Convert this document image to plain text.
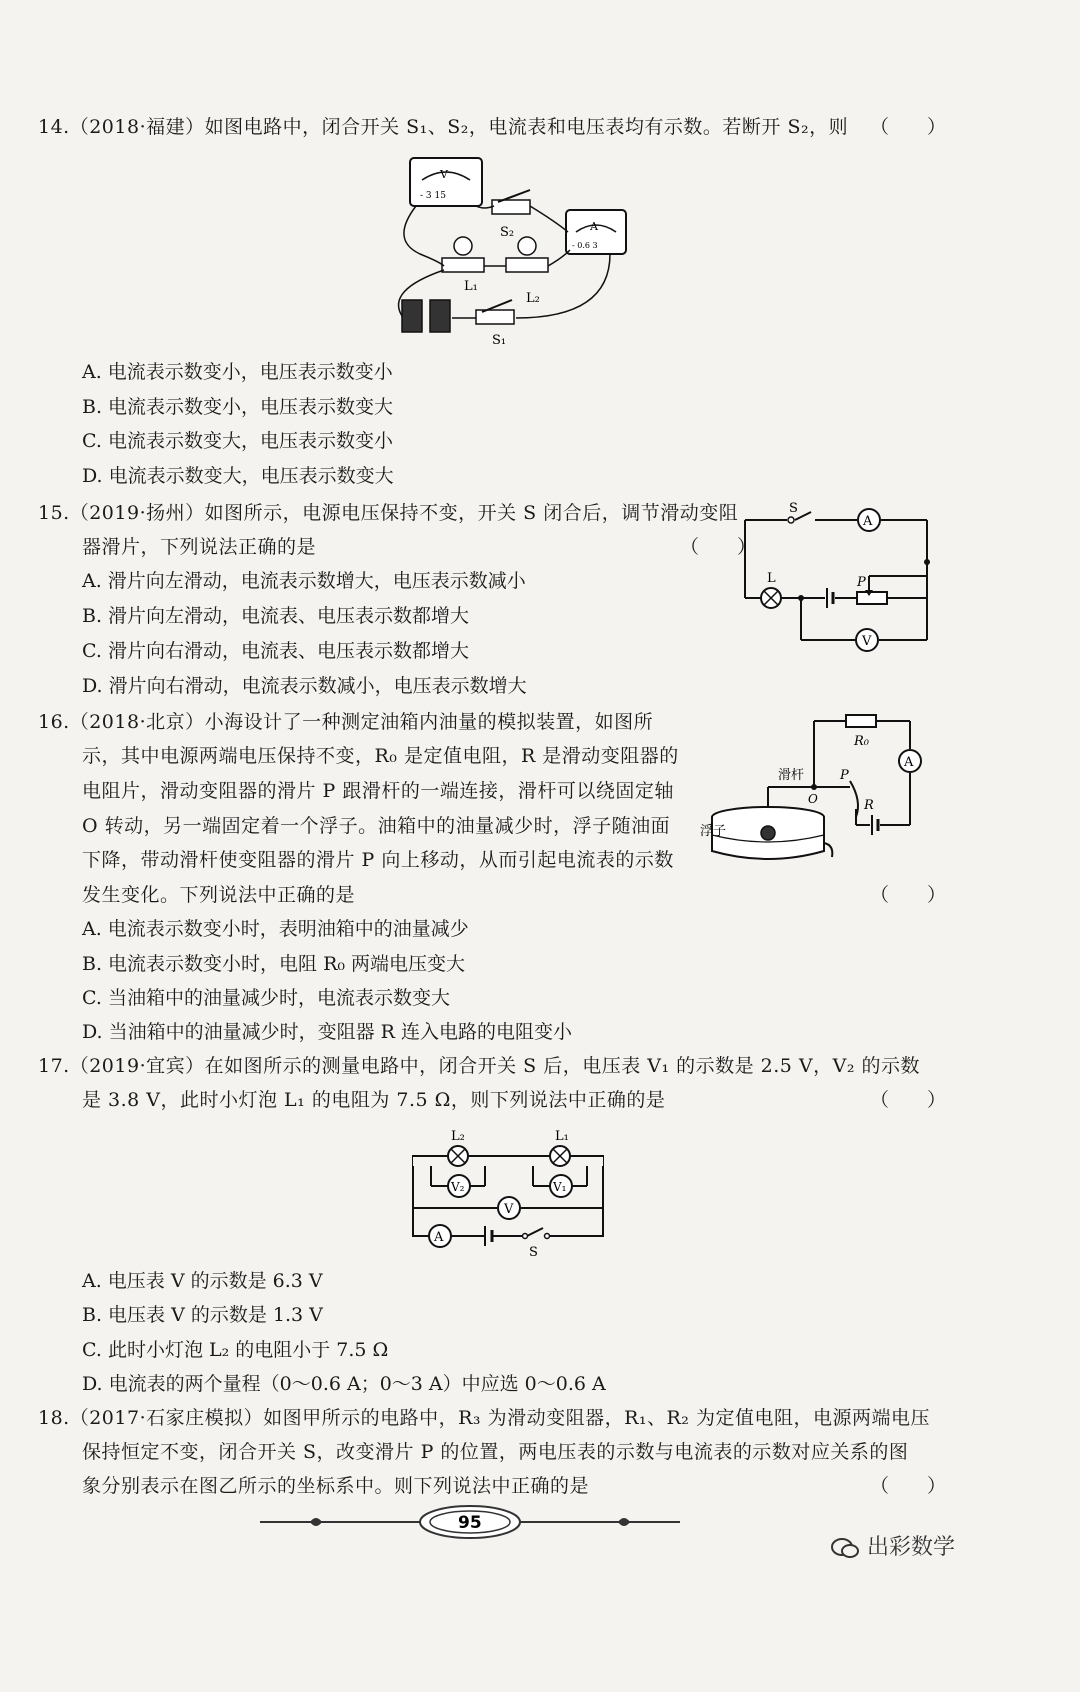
14.（2018·福建）如图电路中，闭合开关 S₁、S₂，电流表和电压表均有示数。若断开 S₂，则 （　　）
V
- 3 15
A
- 0.6 3
S₂
L₁
L₂
S₁
A. 电流表示数变小，电压表示数变小
B. 电流表示数变小，电压表示数变大
C. 电流表示数变大，电压表示数变小
D. 电流表示数变大，电压表示数变大
15.（2019·扬州）如图所示，电源电压保持不变，开关 S 闭合后，调节滑动变阻
器滑片，下列说法正确的是	（　　）
A
L	P
V
S
A. 滑片向左滑动，电流表示数增大，电压表示数减小
B. 滑片向左滑动，电流表、电压表示数都增大
C. 滑片向右滑动，电流表、电压表示数都增大
D. 滑片向右滑动，电流表示数减小，电压表示数增大
16.（2018·北京）小海设计了一种测定油箱内油量的模拟装置，如图所
示，其中电源两端电压保持不变，R₀ 是定值电阻，R 是滑动变阻器的
电阻片，滑动变阻器的滑片 P 跟滑杆的一端连接，滑杆可以绕固定轴
O 转动，另一端固定着一个浮子。油箱中的油量减少时，浮子随油面
下降，带动滑杆使变阻器的滑片 P 向上移动，从而引起电流表的示数
发生变化。下列说法中正确的是	（　　）
R₀
A
滑杆	P
O	R
浮子
A. 电流表示数变小时，表明油箱中的油量减少
B. 电流表示数变小时，电阻 R₀ 两端电压变大
C. 当油箱中的油量减少时，电流表示数变大
D. 当油箱中的油量减少时，变阻器 R 连入电路的电阻变小
17.（2019·宜宾）在如图所示的测量电路中，闭合开关 S 后，电压表 V₁ 的示数是 2.5 V，V₂ 的示数
是 3.8 V，此时小灯泡 L₁ 的电阻为 7.5 Ω，则下列说法中正确的是	（　　）
L₂	L₁
V₂	V₁
V
A
S
A. 电压表 V 的示数是 6.3 V
B. 电压表 V 的示数是 1.3 V
C. 此时小灯泡 L₂ 的电阻小于 7.5 Ω
D. 电流表的两个量程（0～0.6 A；0～3 A）中应选 0～0.6 A
18.（2017·石家庄模拟）如图甲所示的电路中，R₃ 为滑动变阻器，R₁、R₂ 为定值电阻，电源两端电压
保持恒定不变，闭合开关 S，改变滑片 P 的位置，两电压表的示数与电流表的示数对应关系的图
象分别表示在图乙所示的坐标系中。则下列说法中正确的是	（　　）
95
出彩数学
